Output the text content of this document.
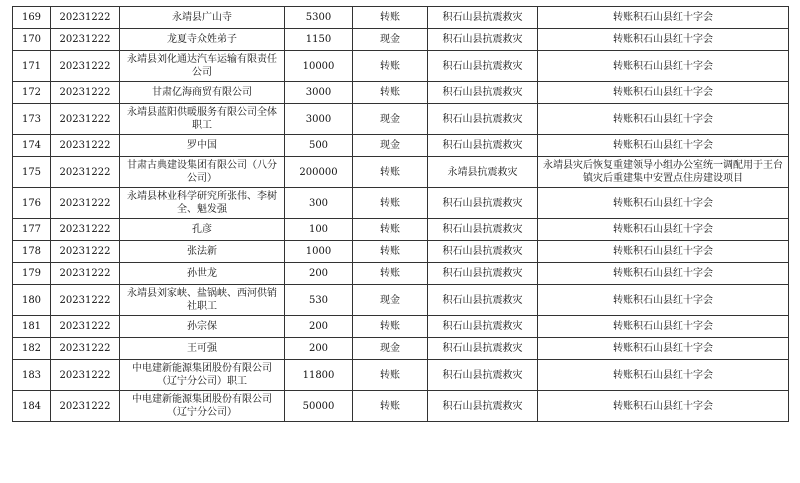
169	20231222	永靖县广山寺	5300	转账	积石山县抗震救灾	转账积石山县红十字会
170	20231222	龙夏寺众姓弟子	1150	现金	积石山县抗震救灾	转账积石山县红十字会
171	20231222	永靖县刘化通达汽车运输有限责任公司	10000	转账	积石山县抗震救灾	转账积石山县红十字会
172	20231222	甘肃亿海商贸有限公司	3000	转账	积石山县抗震救灾	转账积石山县红十字会
173	20231222	永靖县蓝阳供暖服务有限公司全体职工	3000	现金	积石山县抗震救灾	转账积石山县红十字会
174	20231222	罗中国	500	现金	积石山县抗震救灾	转账积石山县红十字会
175	20231222	甘肃古典建设集团有限公司（八分公司）	200000	转账	永靖县抗震救灾	永靖县灾后恢复重建领导小组办公室统一调配用于王台镇灾后重建集中安置点住房建设项目
176	20231222	永靖县林业科学研究所张伟、李树全、魁发强	300	转账	积石山县抗震救灾	转账积石山县红十字会
177	20231222	孔彦	100	转账	积石山县抗震救灾	转账积石山县红十字会
178	20231222	张法新	1000	转账	积石山县抗震救灾	转账积石山县红十字会
179	20231222	孙世龙	200	转账	积石山县抗震救灾	转账积石山县红十字会
180	20231222	永靖县刘家峡、盐锅峡、西河供销社职工	530	现金	积石山县抗震救灾	转账积石山县红十字会
181	20231222	孙宗保	200	转账	积石山县抗震救灾	转账积石山县红十字会
182	20231222	王可强	200	现金	积石山县抗震救灾	转账积石山县红十字会
183	20231222	中电建新能源集团股份有限公司（辽宁分公司）职工	11800	转账	积石山县抗震救灾	转账积石山县红十字会
184	20231222	中电建新能源集团股份有限公司（辽宁分公司）	50000	转账	积石山县抗震救灾	转账积石山县红十字会
